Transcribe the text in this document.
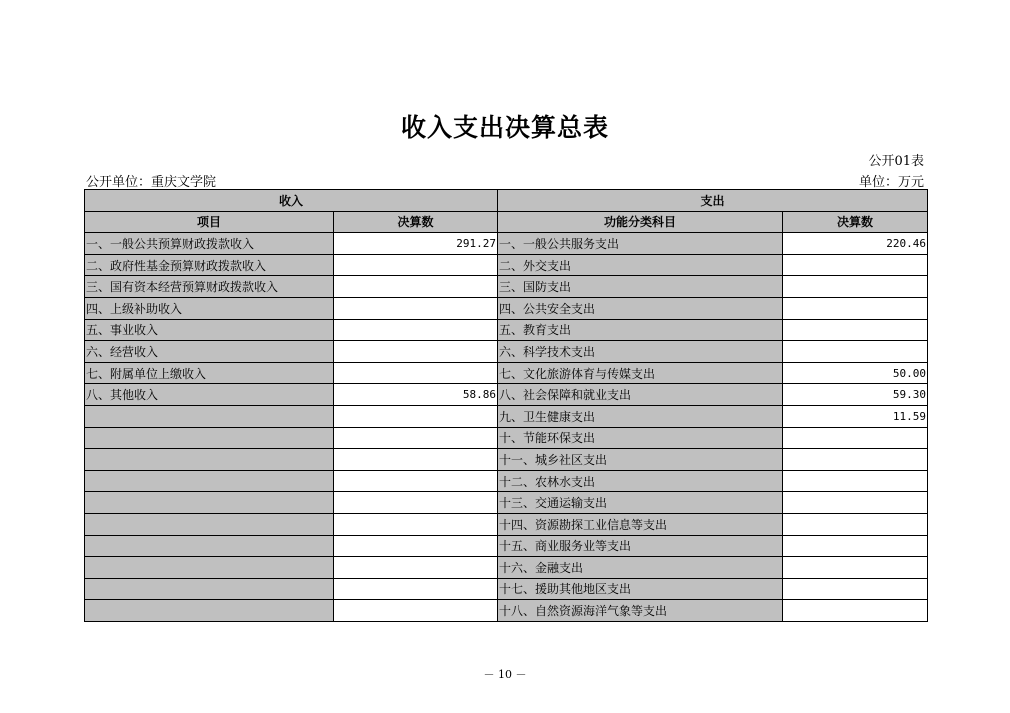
收入支出决算总表
公开01表
公开单位：重庆文学院	单位：万元
收入		支出	
项目	决算数	功能分类科目	决算数
一、一般公共预算财政拨款收入	291.27	一、一般公共服务支出	220.46
二、政府性基金预算财政拨款收入		二、外交支出	
三、国有资本经营预算财政拨款收入		三、国防支出	
四、上级补助收入		四、公共安全支出	
五、事业收入		五、教育支出	
六、经营收入		六、科学技术支出	
七、附属单位上缴收入		七、文化旅游体育与传媒支出	50.00
八、其他收入	58.86	八、社会保障和就业支出	59.30
		九、卫生健康支出	11.59
		十、节能环保支出	
		十一、城乡社区支出	
		十二、农林水支出	
		十三、交通运输支出	
		十四、资源勘探工业信息等支出	
		十五、商业服务业等支出	
		十六、金融支出	
		十七、援助其他地区支出	
		十八、自然资源海洋气象等支出	
－ 10 －
